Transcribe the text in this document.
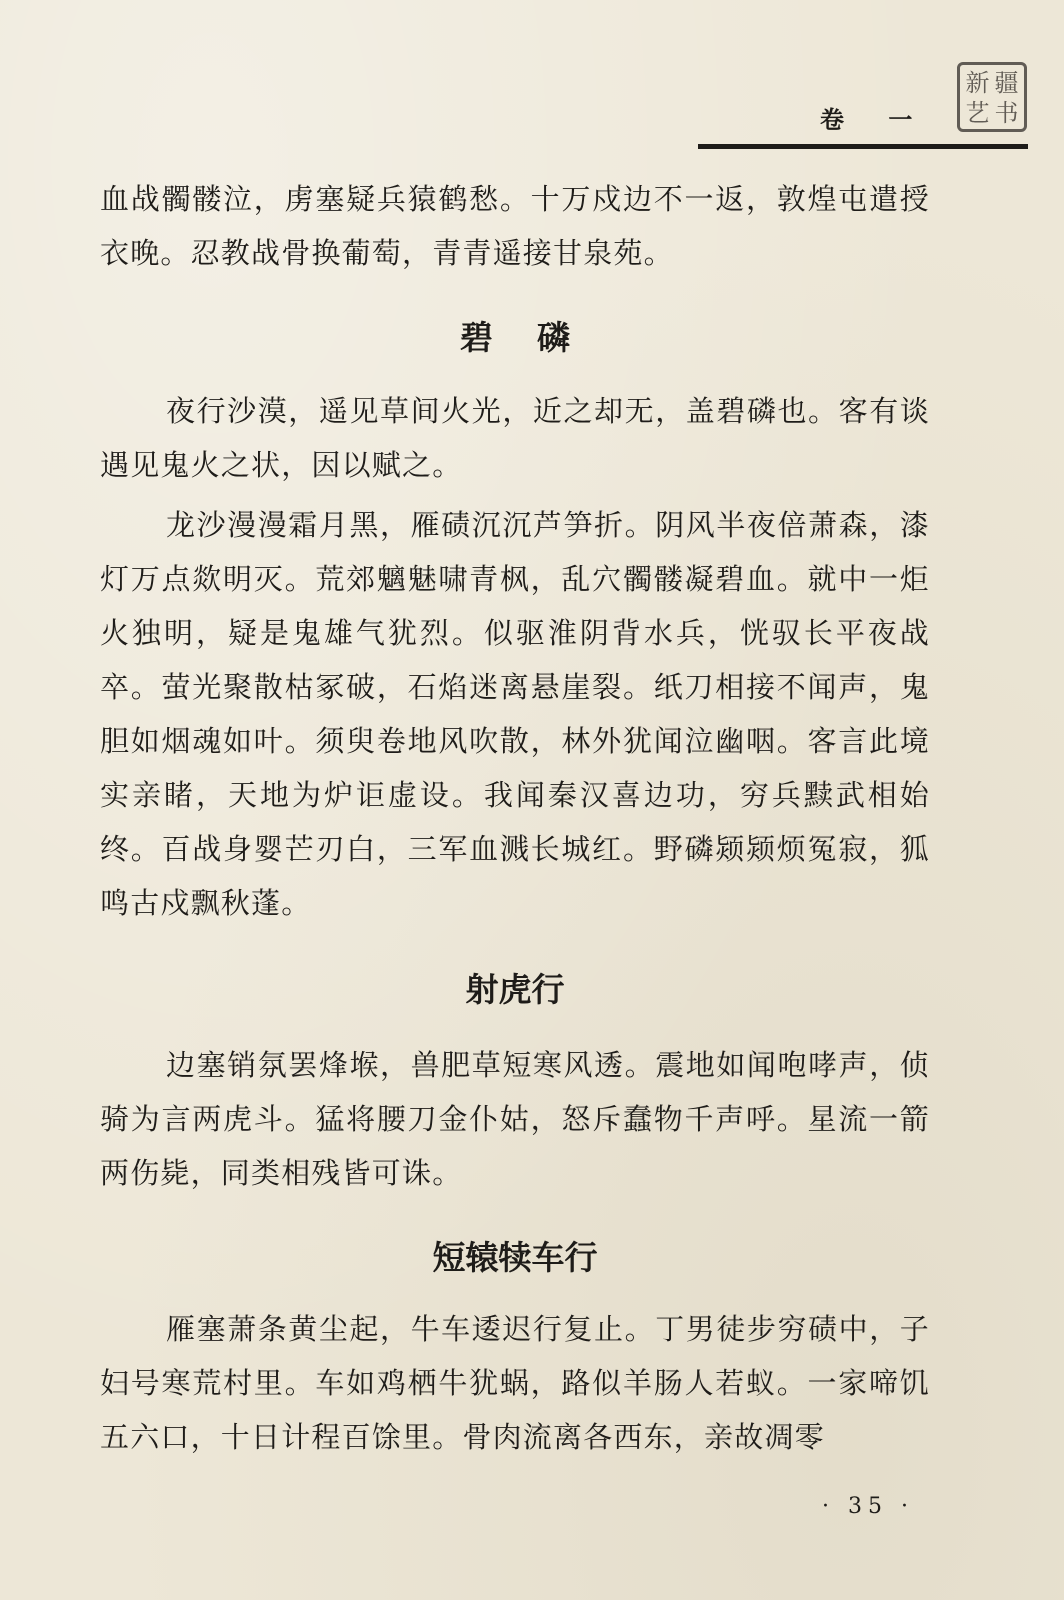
卷 一
新 疆
艺 书

血战髑髅泣，虏塞疑兵猿鹤愁。十万戍边不一返，敦煌屯遣授衣晚。忍教战骨换葡萄，青青遥接甘泉苑。

碧磷

夜行沙漠，遥见草间火光，近之却无，盖碧磷也。客有谈遇见鬼火之状，因以赋之。

龙沙漫漫霜月黑，雁碛沉沉芦笋折。阴风半夜倍萧森，漆灯万点欻明灭。荒郊魑魅啸青枫，乱穴髑髅凝碧血。就中一炬火独明，疑是鬼雄气犹烈。似驱淮阴背水兵，恍驭长平夜战卒。萤光聚散枯冢破，石焰迷离悬崖裂。纸刀相接不闻声，鬼胆如烟魂如叶。须臾卷地风吹散，林外犹闻泣幽咽。客言此境实亲睹，天地为炉讵虚设。我闻秦汉喜边功，穷兵黩武相始终。百战身婴芒刃白，三军血溅长城红。野磷颎颎烦冤寂，狐鸣古戍飘秋蓬。

射虎行

边塞销氛罢烽堠，兽肥草短寒风透。震地如闻咆哮声，侦骑为言两虎斗。猛将腰刀金仆姑，怒斥蠢物千声呼。星流一箭两伤毙，同类相残皆可诛。

短辕犊车行

雁塞萧条黄尘起，牛车逶迟行复止。丁男徒步穷碛中，子妇号寒荒村里。车如鸡栖牛犹蜗，路似羊肠人若蚁。一家啼饥五六口，十日计程百馀里。骨肉流离各西东，亲故凋零

· 35 ·
